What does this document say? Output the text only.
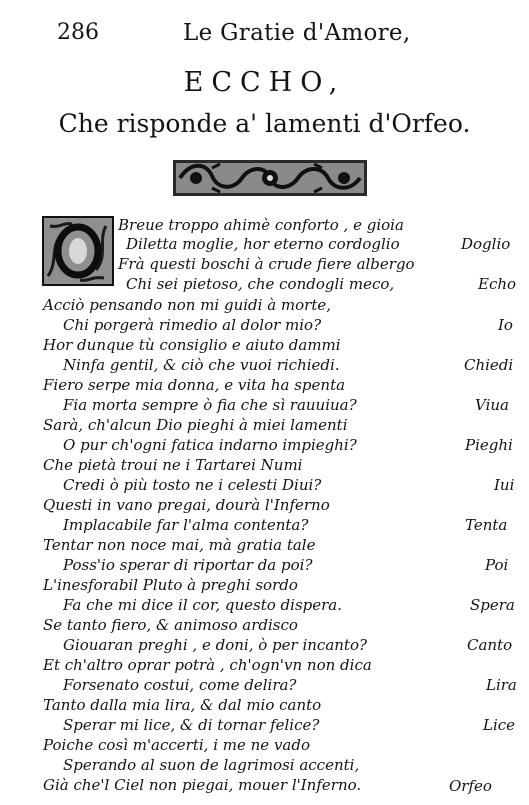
286	Le Gratie d'Amore,
ECCHO,
Che risponde a' lamenti d'Orfeo.
Breue troppo ahimè conforto , e gioia
Diletta moglie, hor eterno cordoglio
Frà questi boschi à crude fiere albergo
Chi sei pietoso, che condogli meco,
Acciò pensando non mi guidi à morte,
Chi porgerà rimedio al dolor mio?
Hor dunque tù consiglio e aiuto dammi
Ninfa gentil, & ciò che vuoi richiedi.
Fiero serpe mia donna, e vita ha spenta
Fia morta sempre ò fia che sì rauuiua?
Sarà, ch'alcun Dio pieghi à miei lamenti
O pur ch'ogni fatica indarno impieghi?
Che pietà troui ne i Tartarei Numi
Credi ò più tosto ne i celesti Diui?
Questi in vano pregai, dourà l'Inferno
Implacabile far l'alma contenta?
Tentar non noce mai, mà gratia tale
Poss'io sperar di riportar da poi?
L'inesforabil Pluto à preghi sordo
Fa che mi dice il cor, questo dispera.
Se tanto fiero, & animoso ardisco
Giouaran preghi , e doni, ò per incanto?
Et ch'altro oprar potrà , ch'ogn'vn non dica
Forsenato costui, come delira?
Tanto dalla mia lira, & dal mio canto
Sperar mi lice, & di tornar felice?
Poiche così m'accerti, i me ne vado
Sperando al suon de lagrimosi accenti,
Già che'l Ciel non piegai, mouer l'Inferno.
Doglio
Echo
Io
Chiedi
Viua
Pieghi
Iui
Tenta
Poi
Spera
Canto
Lira
Lice
Orfeo
